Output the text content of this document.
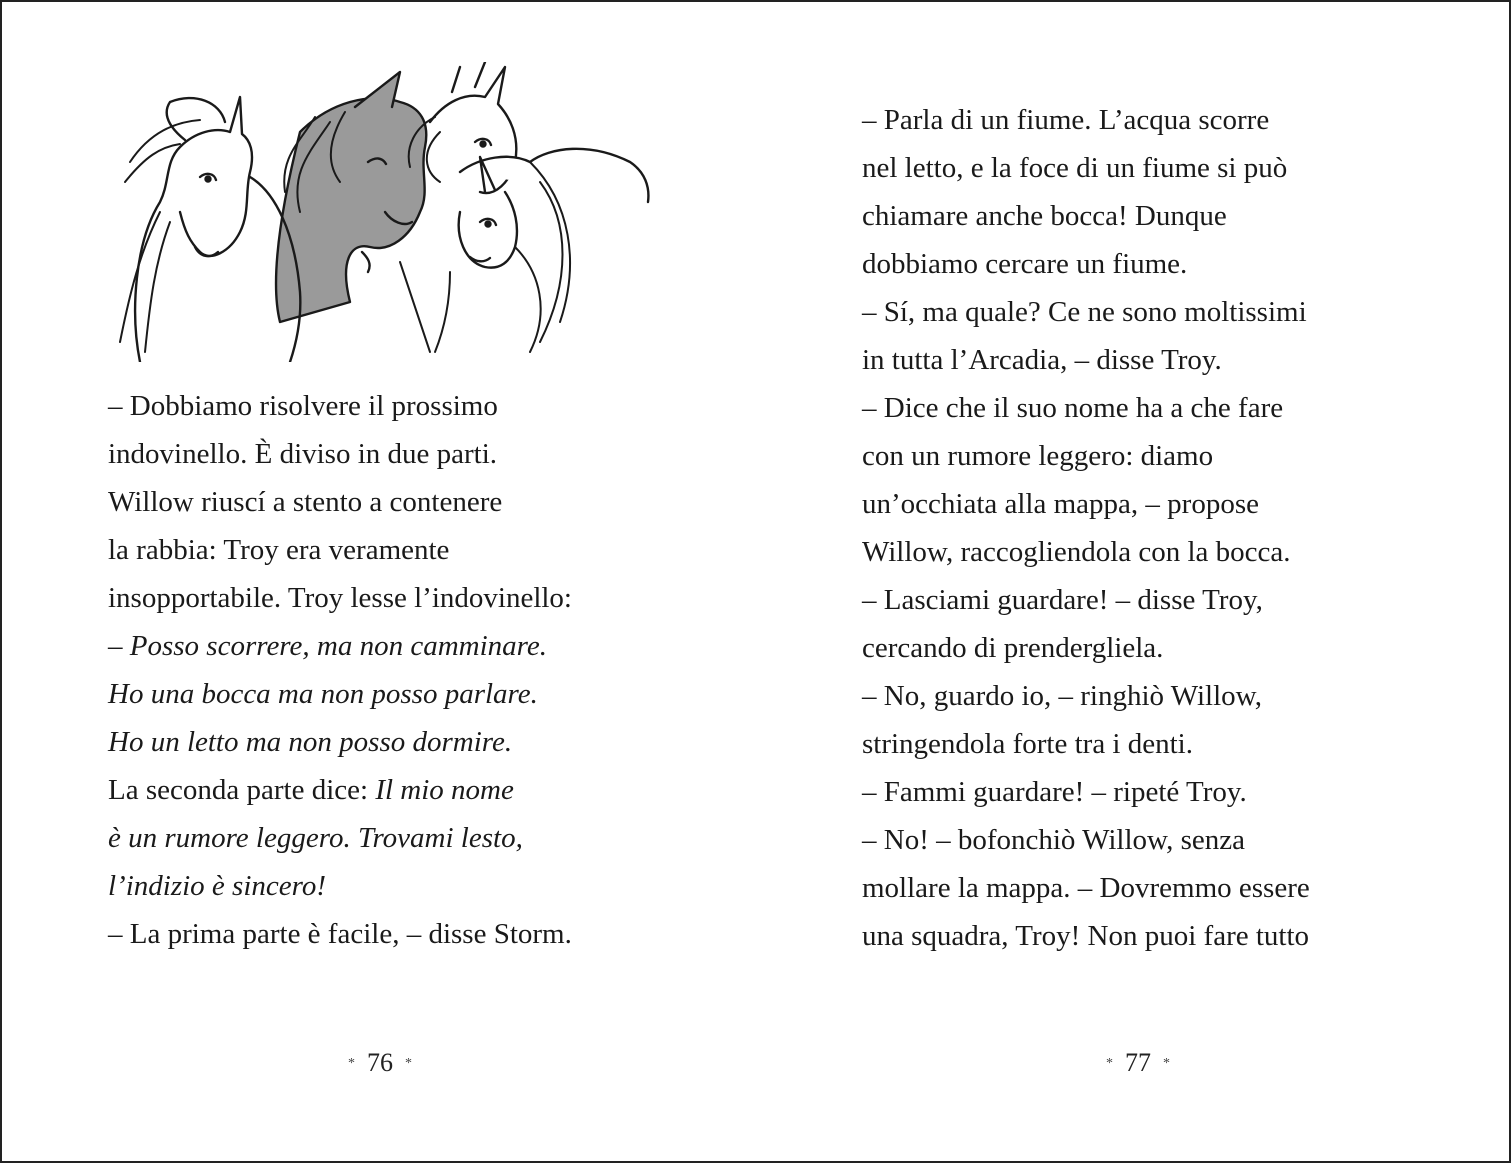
– Dobbiamo risolvere il prossimo
indovinello. È diviso in due parti.
Willow riuscí a stento a contenere
la rabbia: Troy era veramente
insopportabile. Troy lesse l’indovinello:
– Posso scorrere, ma non camminare.
Ho una bocca ma non posso parlare.
Ho un letto ma non posso dormire.
La seconda parte dice: Il mio nome
è un rumore leggero. Trovami lesto,
l’indizio è sincero!
– La prima parte è facile, – disse Storm.
* 76 *
– Parla di un fiume. L’acqua scorre
nel letto, e la foce di un fiume si può
chiamare anche bocca! Dunque
dobbiamo cercare un fiume.
– Sí, ma quale? Ce ne sono moltissimi
in tutta l’Arcadia, – disse Troy.
– Dice che il suo nome ha a che fare
con un rumore leggero: diamo
un’occhiata alla mappa, – propose
Willow, raccogliendola con la bocca.
– Lasciami guardare! – disse Troy,
cercando di prendergliela.
– No, guardo io, – ringhiò Willow,
stringendola forte tra i denti.
– Fammi guardare! – ripeté Troy.
– No! – bofonchiò Willow, senza
mollare la mappa. – Dovremmo essere
una squadra, Troy! Non puoi fare tutto
* 77 *
